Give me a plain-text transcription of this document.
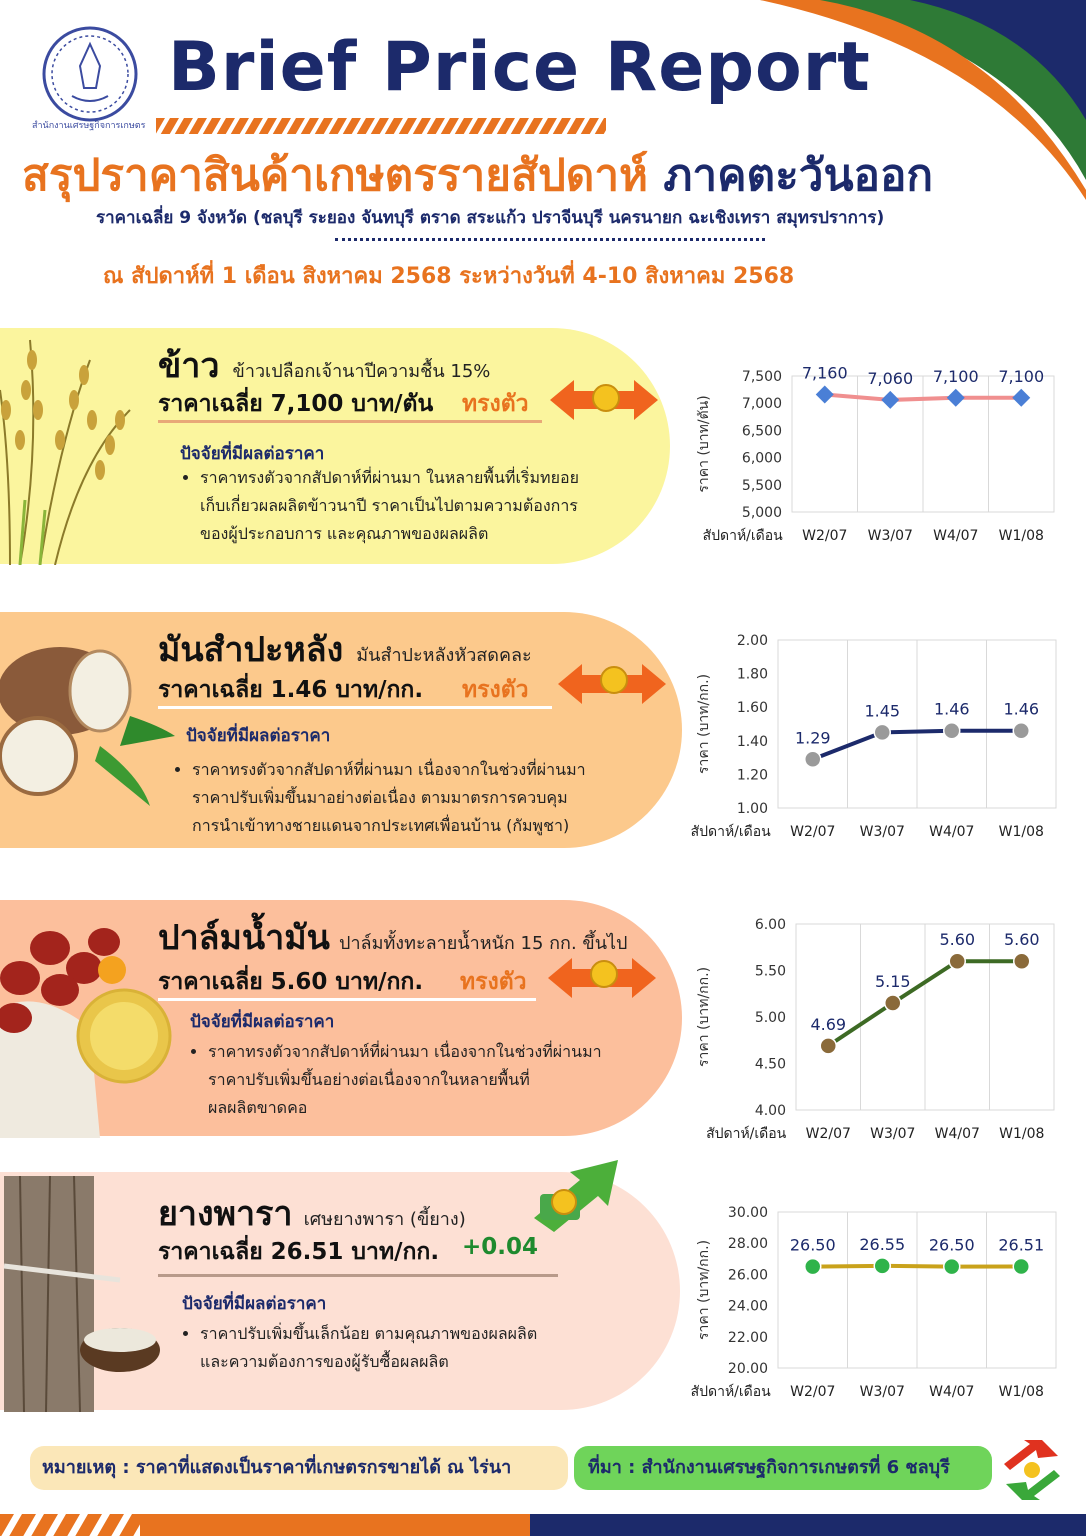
สำนักงานเศรษฐกิจการเกษตร
Brief Price Report
สรุปราคาสินค้าเกษตรรายสัปดาห์ ภาคตะวันออก
ราคาเฉลี่ย 9 จังหวัด (ชลบุรี ระยอง จันทบุรี ตราด สระแก้ว ปราจีนบุรี นครนายก ฉะเชิงเทรา สมุทรปราการ)
ณ สัปดาห์ที่ 1 เดือน สิงหาคม 2568 ระหว่างวันที่ 4-10 สิงหาคม 2568
ข้าว ข้าวเปลือกเจ้านาปีความชื้น 15%
ราคาเฉลี่ย 7,100 บาท/ตัน ทรงตัว
ปัจจัยที่มีผลต่อราคา
• ราคาทรงตัวจากสัปดาห์ที่ผ่านมา ในหลายพื้นที่เริ่มทยอย
เก็บเกี่ยวผลผลิตข้าวนาปี ราคาเป็นไปตามความต้องการ
ของผู้ประกอบการ และคุณภาพของผลผลิต
มันสำปะหลัง มันสำปะหลังหัวสดคละ
ราคาเฉลี่ย 1.46 บาท/กก. ทรงตัว
ปัจจัยที่มีผลต่อราคา
• ราคาทรงตัวจากสัปดาห์ที่ผ่านมา เนื่องจากในช่วงที่ผ่านมา
ราคาปรับเพิ่มขึ้นมาอย่างต่อเนื่อง ตามมาตรการควบคุม
การนำเข้าทางชายแดนจากประเทศเพื่อนบ้าน (กัมพูชา)
ปาล์มน้ำมัน ปาล์มทั้งทะลายน้ำหนัก 15 กก. ขึ้นไป
ราคาเฉลี่ย 5.60 บาท/กก. ทรงตัว
ปัจจัยที่มีผลต่อราคา
• ราคาทรงตัวจากสัปดาห์ที่ผ่านมา เนื่องจากในช่วงที่ผ่านมา
ราคาปรับเพิ่มขึ้นอย่างต่อเนื่องจากในหลายพื้นที่
ผลผลิตขาดคอ
ยางพารา เศษยางพารา (ขี้ยาง)
ราคาเฉลี่ย 26.51 บาท/กก. +0.04
ปัจจัยที่มีผลต่อราคา
• ราคาปรับเพิ่มขึ้นเล็กน้อย ตามคุณภาพของผลผลิต
และความต้องการของผู้รับซื้อผลผลิต
5,000
5,500
6,000
6,500
7,000
7,500
ราคา (บาท/ตัน)
W2/07 W3/07 W4/07 W1/08
สัปดาห์/เดือน
7,160 7,060 7,100 7,100
1.00
1.20
1.40
1.60
1.80
2.00
ราคา (บาท/กก.)
W2/07 W3/07 W4/07 W1/08
สัปดาห์/เดือน
1.29
1.45 1.46 1.46
4.00
4.50
5.00
5.50
6.00
ราคา (บาท/กก.)
W2/07 W3/07 W4/07 W1/08
สัปดาห์/เดือน
4.69
5.15
5.60 5.60
20.00
22.00
24.00
26.00
28.00
30.00
ราคา (บาท/กก.)
W2/07 W3/07 W4/07 W1/08
สัปดาห์/เดือน
26.50 26.55 26.50 26.51
หมายเหตุ : ราคาที่แสดงเป็นราคาที่เกษตรกรขายได้ ณ ไร่นา	ที่มา : สำนักงานเศรษฐกิจการเกษตรที่ 6 ชลบุรี
